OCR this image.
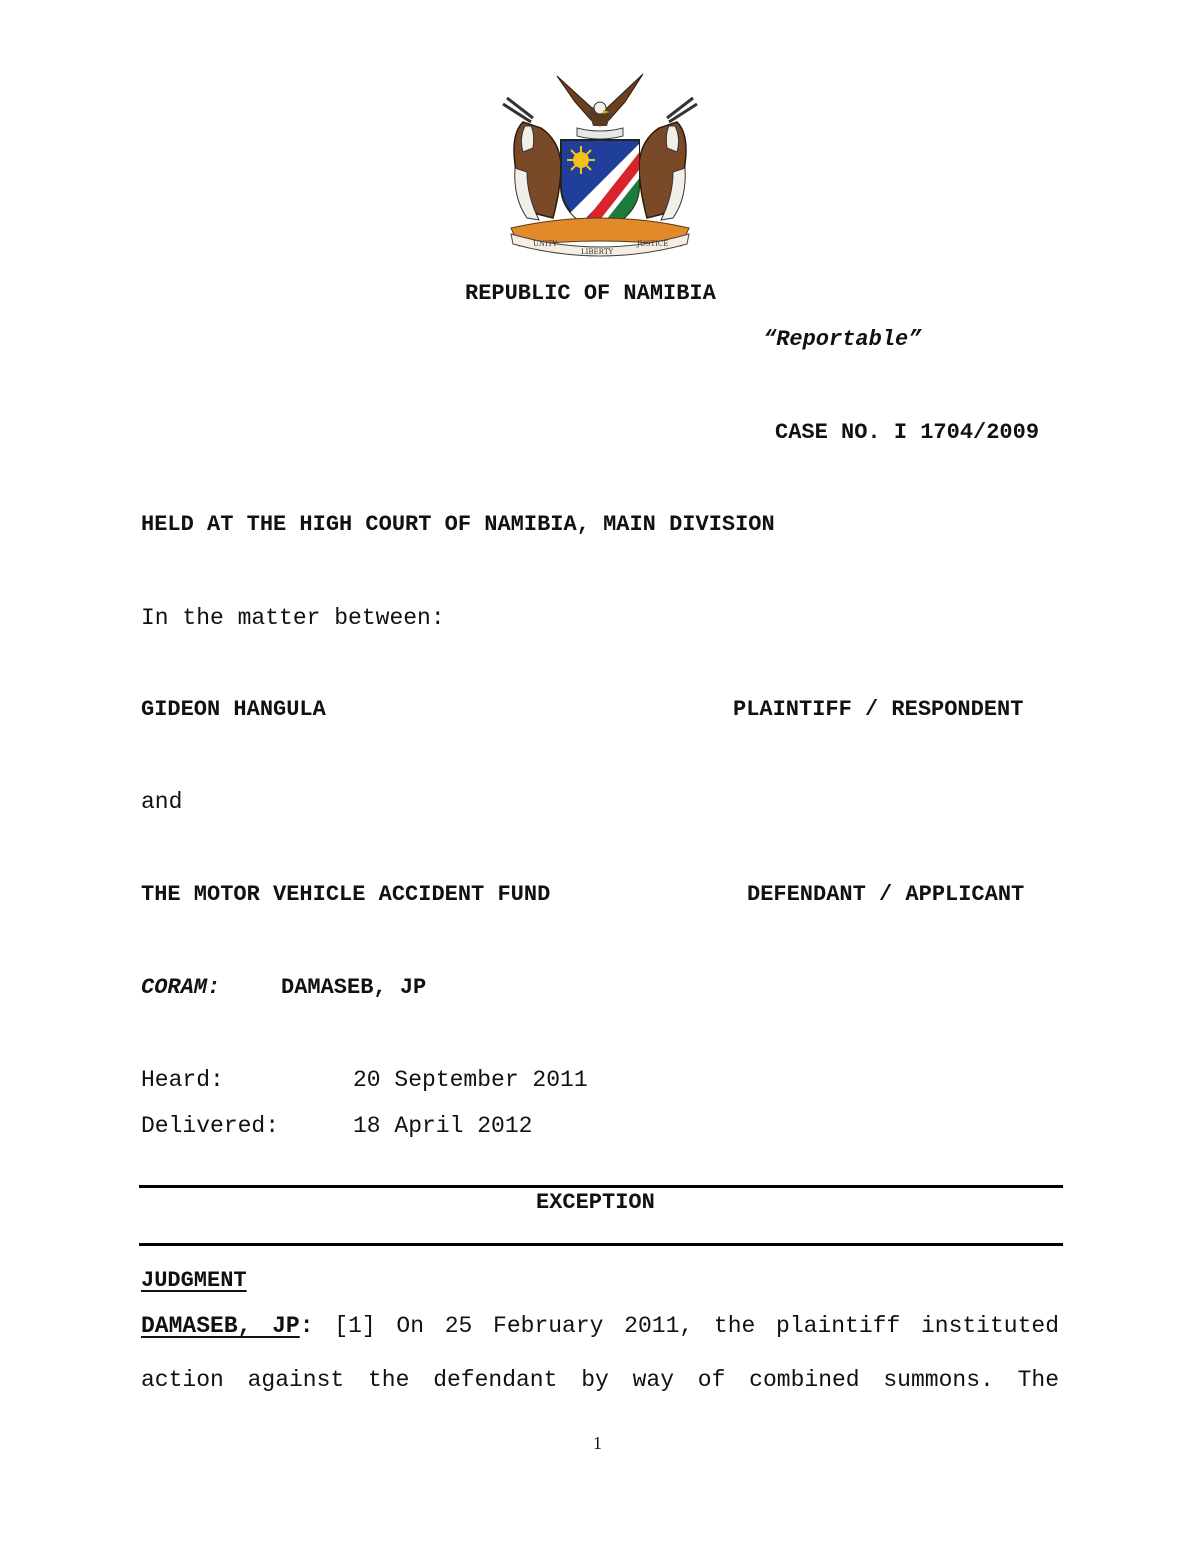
UNITY
LIBERTY
JUSTICE
REPUBLIC OF NAMIBIA
“Reportable”
CASE NO. I 1704/2009
HELD AT THE HIGH COURT OF NAMIBIA, MAIN DIVISION
In the matter between:
GIDEON HANGULA	PLAINTIFF / RESPONDENT
and
THE MOTOR VEHICLE ACCIDENT FUND	DEFENDANT / APPLICANT
CORAM:	DAMASEB, JP
Heard:	20 September 2011
Delivered:	18 April 2012
EXCEPTION
JUDGMENT
DAMASEB, JP: [1] On 25 February 2011, the plaintiff instituted
action against the defendant by way of combined summons. The
1
